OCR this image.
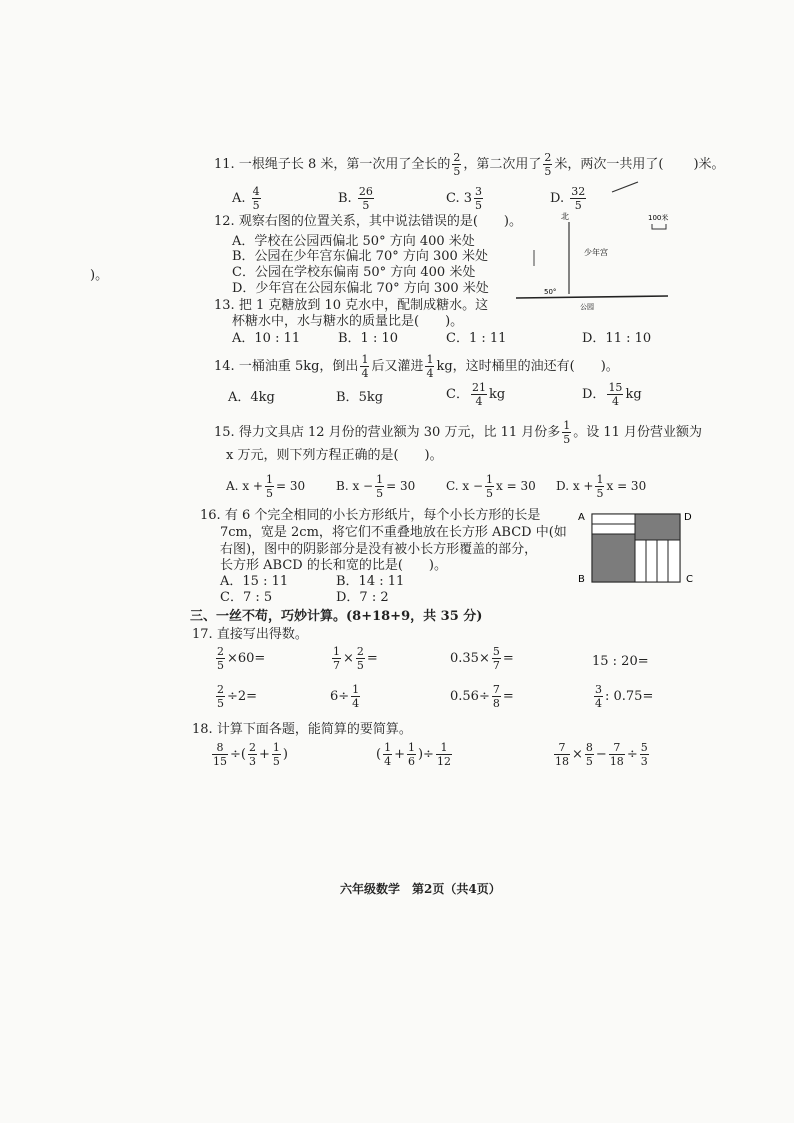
)。
11. 一根绳子长 8 米，第一次用了全长的 $\frac{2}{5}$ ，第二次用了 $\frac{2}{5}$ 米，两次一共用了( )米。
A. $\frac{4}{5}$	B. $\frac{26}{5}$	C. $3 \frac{3}{5}$	D. $\frac{32}{5}$
12. 观察右图的位置关系，其中说法错误的是(　　)。
A．学校在公园西偏北 50° 方向 400 米处
B．公园在少年宫东偏北 70° 方向 300 米处
C．公园在学校东偏南 50° 方向 400 米处
D．少年宫在公园东偏北 70° 方向 300 米处
北
少年宫
100米
50°
公园
13. 把 1 克糖放到 10 克水中，配制成糖水。这
杯糖水中，水与糖水的质量比是(　　)。
A．10 : 11	B．1 : 10	C．1 : 11	D．11 : 10
14. 一桶油重 5kg，倒出 $\frac{1}{4}$ 后又灌进 $\frac{1}{4}$ kg，这时桶里的油还有(　　)。
A．4kg	B．5kg	C． $\frac{21}{4}$ kg	D． $\frac{15}{4}$ kg
15. 得力文具店 12 月份的营业额为 30 万元，比 11 月份多 $\frac{1}{5}$ 。设 11 月份营业额为
x 万元，则下列方程正确的是(　　)。
A. $x + \frac{1}{5} = 30$	B. $x - \frac{1}{5} = 30$	C. $x - \frac{1}{5}$ x = 30 D. $x + \frac{1}{5}$ x = 30
16. 有 6 个完全相同的小长方形纸片，每个小长方形的长是
7cm，宽是 2cm，将它们不重叠地放在长方形 ABCD 中(如
右图)，图中的阴影部分是没有被小长方形覆盖的部分，
长方形 ABCD 的长和宽的比是(　　)。
A．15 : 11	B．14 : 11
C．7 : 5	D．7 : 2
A	D
B	C
三、一丝不苟，巧妙计算。(8+18+9，共 35 分)
17. 直接写出得数。
$\frac{2}{5} \times 60=$	$\frac{1}{7} \times \frac{2}{5}$ =	$0.35\times \frac{5}{7}$ =	15 : 20=
$\frac{2}{5} \div 2=$	$6\div \frac{1}{4}$	$0.56\div \frac{7}{8}$ =	$\frac{3}{4}$ : 0.75=
18. 计算下面各题，能简算的要简算。
$\frac{8}{15}$ ÷( $\frac{2}{3} + \frac{1}{5}$ )	( $\frac{1}{4} + \frac{1}{6}$ )÷ $\frac{1}{12}$	$\frac{7}{18} \times \frac{8}{5} - \frac{7}{18} \div \frac{5}{3}$
六年级数学　第2页（共4页）
